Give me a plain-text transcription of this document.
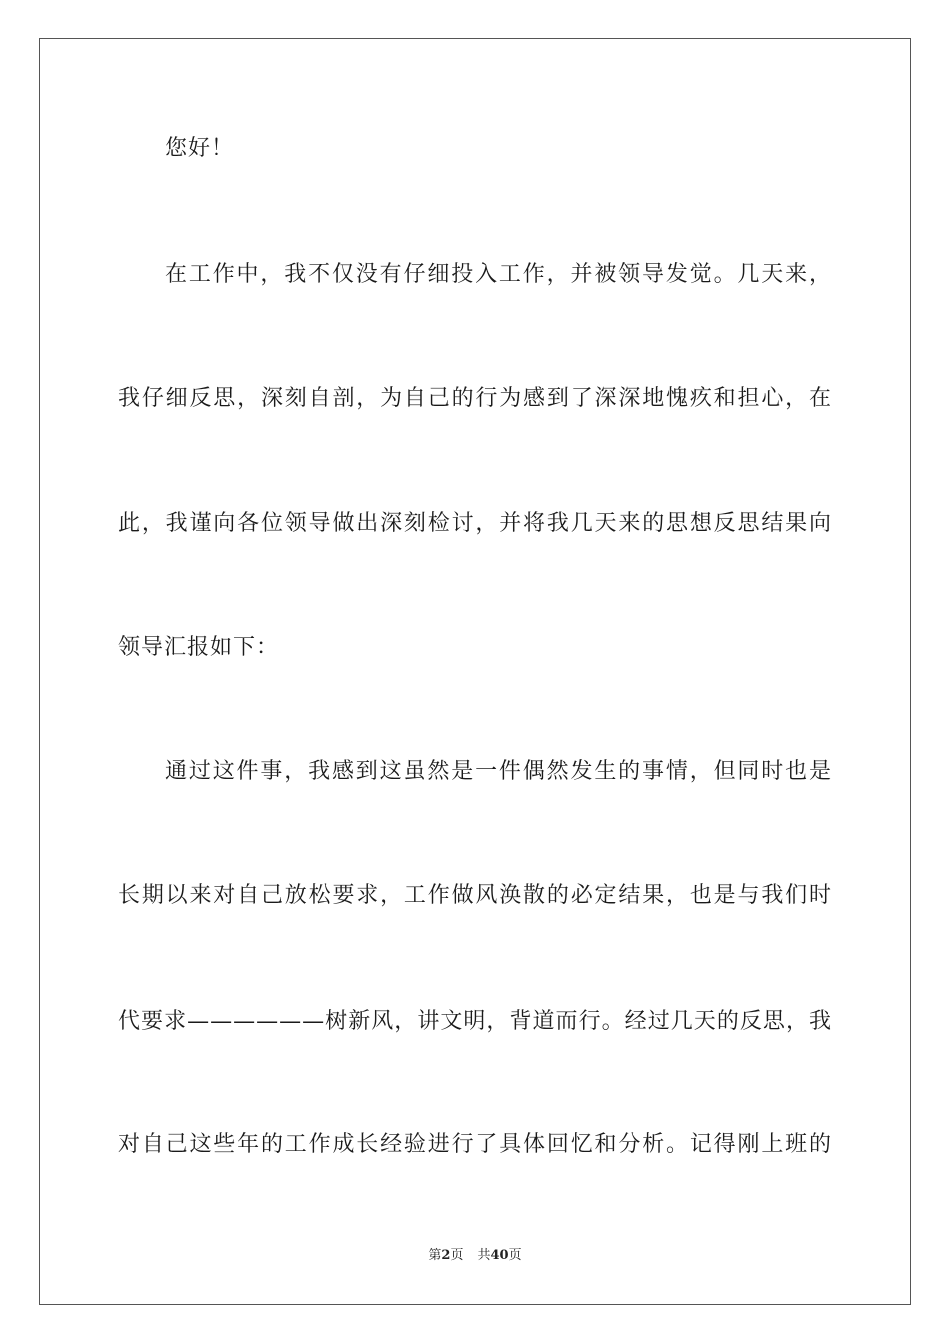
您好！
在工作中，我不仅没有仔细投入工作，并被领导发觉。几天来，
我仔细反思，深刻自剖，为自己的行为感到了深深地愧疚和担心，在
此，我谨向各位领导做出深刻检讨，并将我几天来的思想反思结果向
领导汇报如下：
通过这件事，我感到这虽然是一件偶然发生的事情，但同时也是
长期以来对自己放松要求，工作做风涣散的必定结果，也是与我们时
代要求——————树新风，讲文明，背道而行。经过几天的反思，我
对自己这些年的工作成长经验进行了具体回忆和分析。记得刚上班的
第2页 共40页
